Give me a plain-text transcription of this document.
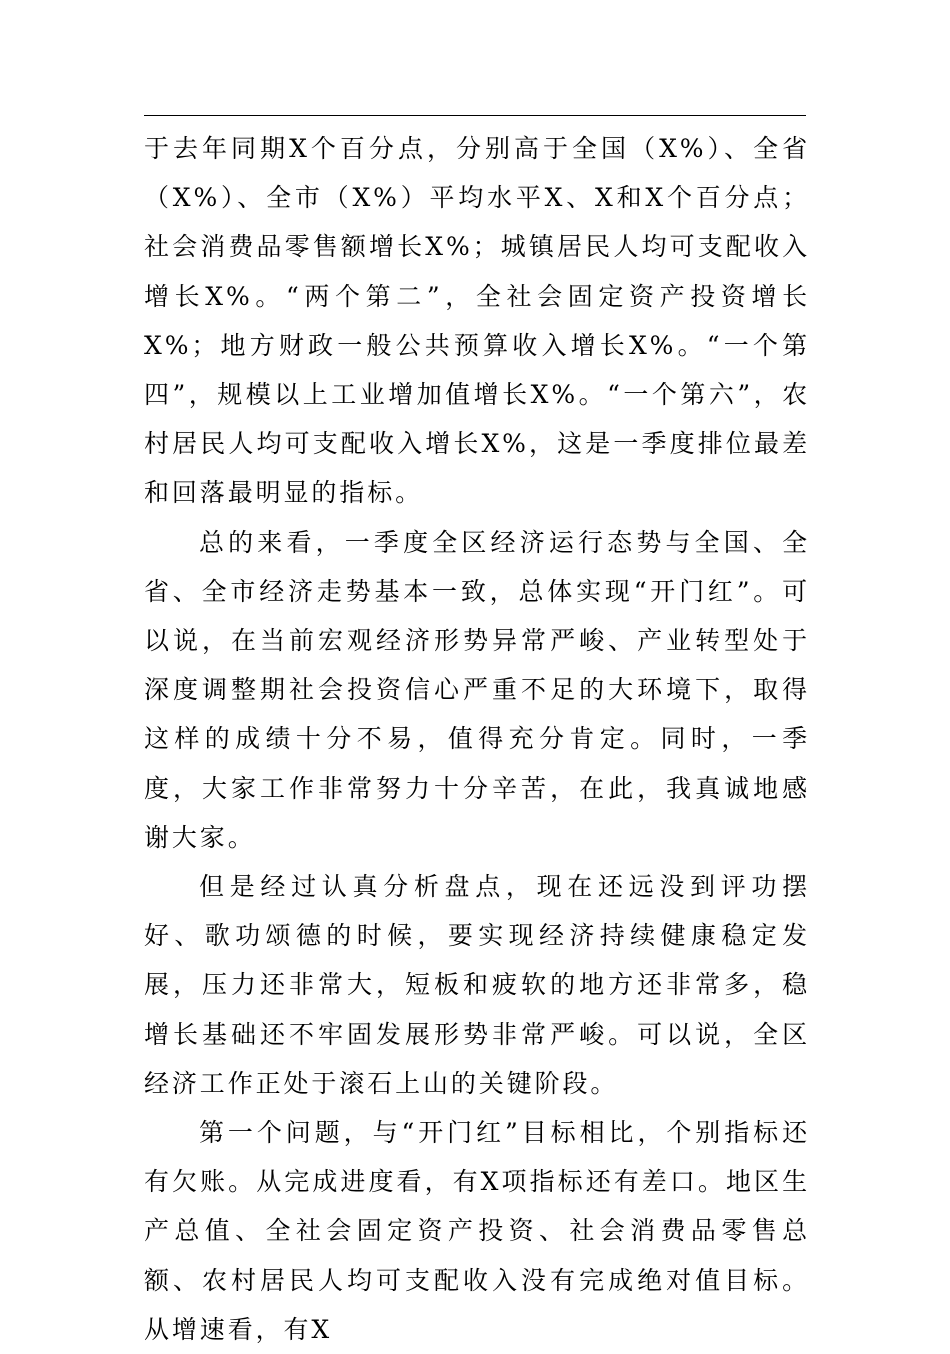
于去年同期X个百分点，分别高于全国（X%）、全省（X%）、全市（X%）平均水平X、X和X个百分点；社会消费品零售额增长X%；城镇居民人均可支配收入增长X%。“两个第二”，全社会固定资产投资增长X%；地方财政一般公共预算收入增长X%。“一个第四”，规模以上工业增加值增长X%。“一个第六”，农村居民人均可支配收入增长X%，这是一季度排位最差和回落最明显的指标。

总的来看，一季度全区经济运行态势与全国、全省、全市经济走势基本一致，总体实现“开门红”。可以说，在当前宏观经济形势异常严峻、产业转型处于深度调整期社会投资信心严重不足的大环境下，取得这样的成绩十分不易，值得充分肯定。同时，一季度，大家工作非常努力十分辛苦，在此，我真诚地感谢大家。

但是经过认真分析盘点，现在还远没到评功摆好、歌功颂德的时候，要实现经济持续健康稳定发展，压力还非常大，短板和疲软的地方还非常多，稳增长基础还不牢固发展形势非常严峻。可以说，全区经济工作正处于滚石上山的关键阶段。

第一个问题，与“开门红”目标相比，个别指标还有欠账。从完成进度看，有X项指标还有差口。地区生产总值、全社会固定资产投资、社会消费品零售总额、农村居民人均可支配收入没有完成绝对值目标。从增速看，有X
